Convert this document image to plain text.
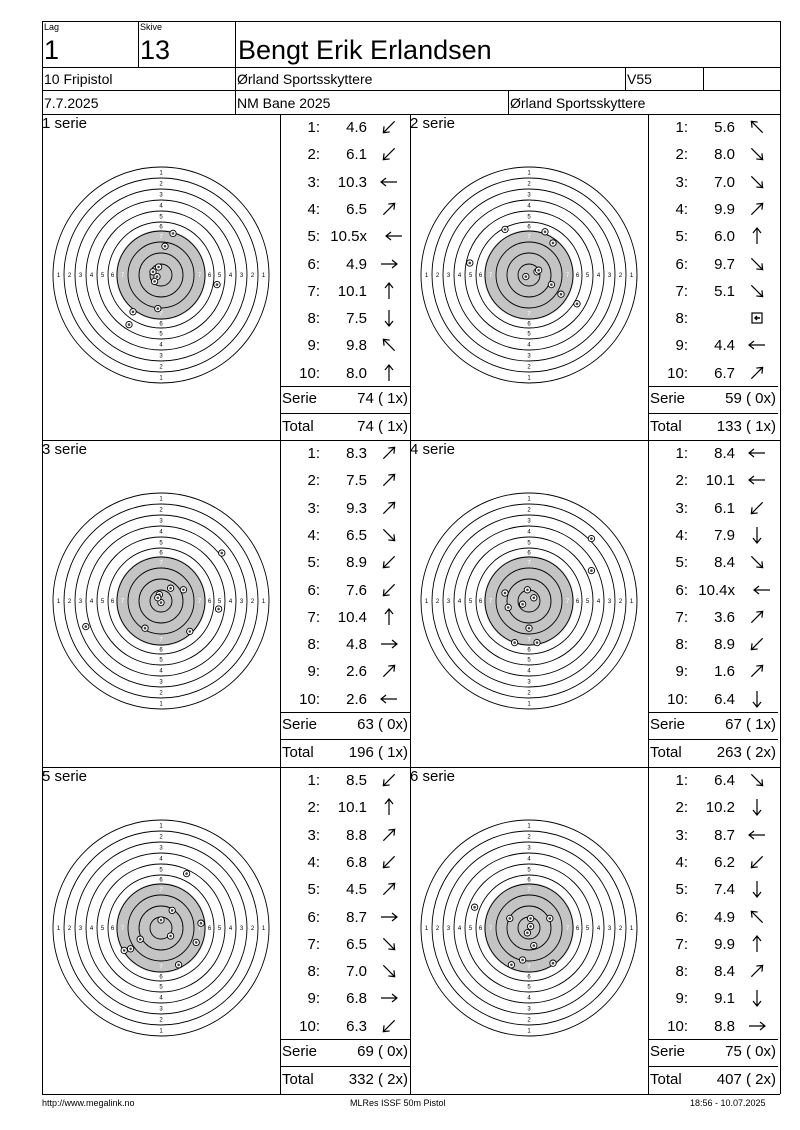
Lag
1
Skive
13	Bengt Erik Erlandsen
10 Fripistol	Ørland Sportsskyttere	V55
7.7.2025	NM Bane 2025	Ørland Sportsskyttere
1 serie
1
1
1	1
2
2
2	2
3
3
3	3
4
4
4	4
5
5
5	5
6
6
6	6
7
7
7	7
1:	4.6
2:	6.1
3:	10.3
4:	6.5
5: 10.5x
6:	4.9
7:	10.1
8:	7.5
9:	9.8
10:	8.0
Serie	74 ( 1x)
Total	74 ( 1x)
2 serie
1
1
1	1
2
2
2	2
3
3
3	3
4
4
4	4
5
5
5	5
6
6
6	6
7
7
7	7
1:	5.6
2:	8.0
3:	7.0
4:	9.9
5:	6.0
6:	9.7
7:	5.1
8:
9:	4.4
10:	6.7
Serie	59 ( 0x)
Total	133 ( 1x)
3 serie
1
1
1	1
2
2
2	2
3
3
3	3
4
4
4	4
5
5
5	5
6
6
6	6
7
7
7	7
1:	8.3
2:	7.5
3:	9.3
4:	6.5
5:	8.9
6:	7.6
7:	10.4
8:	4.8
9:	2.6
10:	2.6
Serie	63 ( 0x)
Total	196 ( 1x)
4 serie
1
1
1	1
2
2
2	2
3
3
3	3
4
4
4	4
5
5
5	5
6
6
6	6
7
7
7	7
1:	8.4
2:	10.1
3:	6.1
4:	7.9
5:	8.4
6: 10.4x
7:	3.6
8:	8.9
9:	1.6
10:	6.4
Serie	67 ( 1x)
Total	263 ( 2x)
5 serie
1
1
1	1
2
2
2	2
3
3
3	3
4
4
4	4
5
5
5	5
6
6
6	6
7
7
7	7
1:	8.5
2:	10.1
3:	8.8
4:	6.8
5:	4.5
6:	8.7
7:	6.5
8:	7.0
9:	6.8
10:	6.3
Serie	69 ( 0x)
Total	332 ( 2x)
6 serie
1
1
1	1
2
2
2	2
3
3
3	3
4
4
4	4
5
5
5	5
6
6
6	6
7
7
7	7
1:	6.4
2:	10.2
3:	8.7
4:	6.2
5:	7.4
6:	4.9
7:	9.9
8:	8.4
9:	9.1
10:	8.8
Serie	75 ( 0x)
Total	407 ( 2x)
http://www.megalink.no	MLRes ISSF 50m Pistol	18:56 - 10.07.2025
